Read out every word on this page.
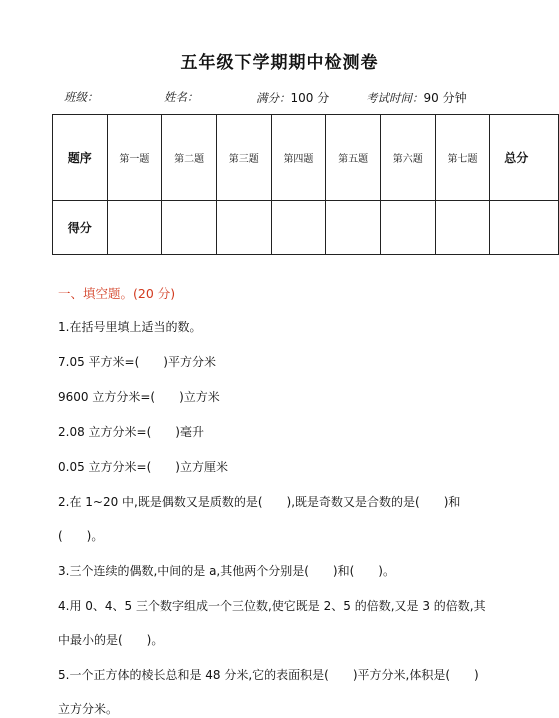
五年级下学期期中检测卷
班级：	姓名：	满分：100 分	考试时间：90 分钟
题序	第一题	第二题	第三题	第四题	第五题	第六题	第七题	总分
得分								
一、填空题。(20 分)
1.在括号里填上适当的数。
7.05 平方米=(　　)平方分米
9600 立方分米=(　　)立方米
2.08 立方分米=(　　)毫升
0.05 立方分米=(　　)立方厘米
2.在 1~20 中,既是偶数又是质数的是(　　),既是奇数又是合数的是(　　)和
(　　)。
3.三个连续的偶数,中间的是 a,其他两个分别是(　　)和(　　)。
4.用 0、4、5 三个数字组成一个三位数,使它既是 2、5 的倍数,又是 3 的倍数,其
中最小的是(　　)。
5.一个正方体的棱长总和是 48 分米,它的表面积是(　　)平方分米,体积是(　　)
立方分米。
